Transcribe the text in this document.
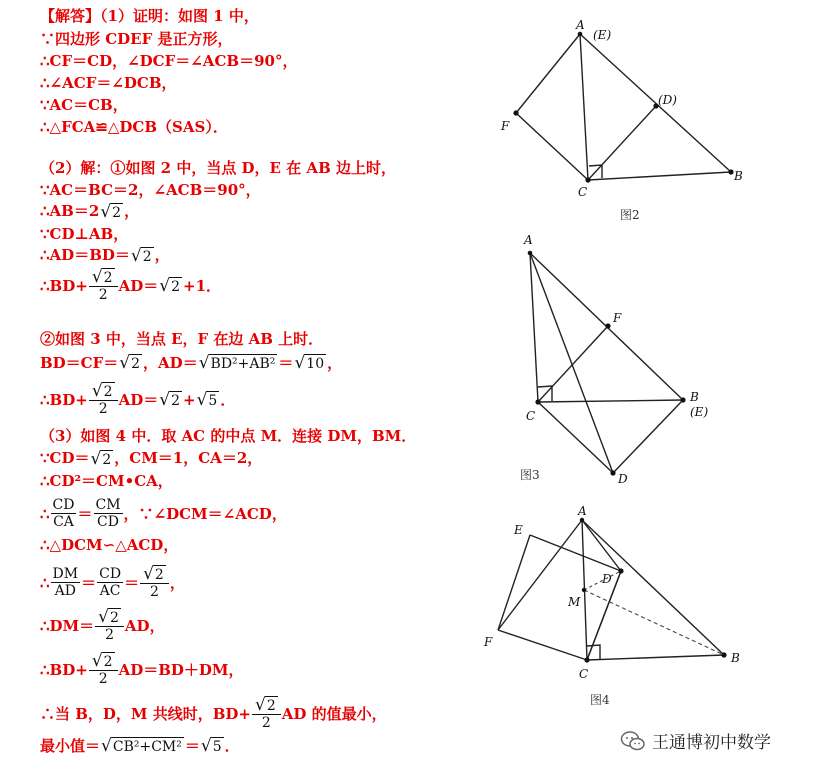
【解答】（1）证明：如图 1 中，
∵四边形 CDEF 是正方形，
∴CF＝CD，∠DCF＝∠ACB＝90°，
∴∠ACF＝∠DCB，
∵AC＝CB，
∴△FCA≌△DCB（SAS）．
（2）解：①如图 2 中，当点 D，E 在 AB 边上时，
∵AC＝BC＝2，∠ACB＝90°，
∴AB＝2 √ 2 ，
∵CD⊥AB，
∴AD＝BD＝ √ 2 ，
∴BD+ $\frac{√ 2}{2} AD=$ √ 2 +1．
②如图 3 中，当点 E，F 在边 AB 上时．
BD＝CF＝ √ 2 ，AD＝ √ BD²+AB² ＝ √ 10 ，
∴BD+ $\frac{√ 2}{2} AD=$ √ 2 + √ 5 ．
（3）如图 4 中．取 AC 的中点 M．连接 DM，BM．
∵CD＝ √ 2 ，CM＝1，CA＝2，
∴CD²＝CM•CA，
∴ CD
CA ＝ CM
CD ，∵∠DCM＝∠ACD，
∴△DCM∽△ACD，
∴ DM
AD ＝ CD
AC ＝ √ 2
2
，
∴DM＝ √ 2
2
AD，
∴BD+ $\frac{√ 2}{2} AD=BD+DM$，
∴当 B，D，M 共线时，$BD+ \frac{√ 2}{2}$ AD 的值最小，
最小值＝ √ CB²+CM² ＝ √ 5 ．
A
(E)
(D)
F
C
B
图2
A
F
B
(E)
C
D
图3
A
E
D
M
F
C
B
图4
王通博初中数学
